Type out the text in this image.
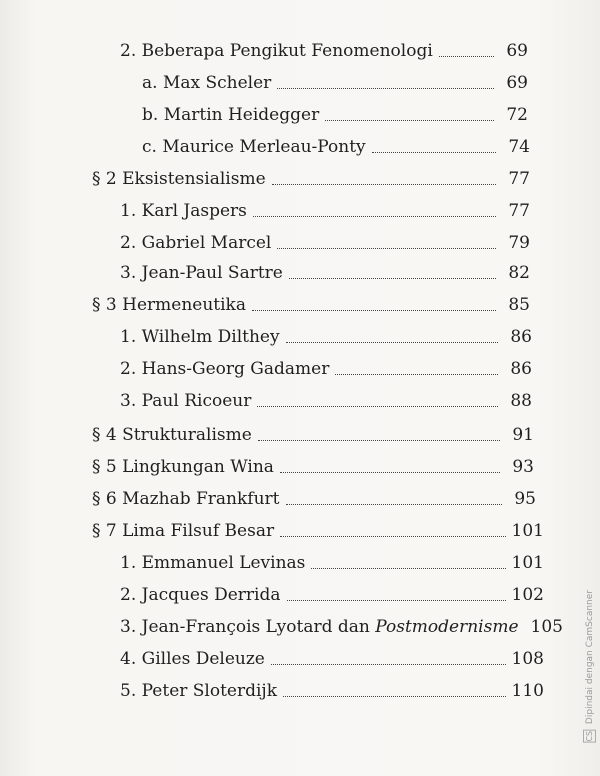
2. Beberapa Pengikut Fenomenologi	69
a. Max Scheler	69
b. Martin Heidegger	72
c. Maurice Merleau-Ponty	74
§ 2 Eksistensialisme	77
1. Karl Jaspers	77
2. Gabriel Marcel	79
3. Jean-Paul Sartre	82
§ 3 Hermeneutika	85
1. Wilhelm Dilthey	86
2. Hans-Georg Gadamer	86
3. Paul Ricoeur	88
§ 4 Strukturalisme	91
§ 5 Lingkungan Wina	93
§ 6 Mazhab Frankfurt	95
§ 7 Lima Filsuf Besar	101
1. Emmanuel Levinas	101
2. Jacques Derrida	102
3. Jean-François Lyotard dan Postmodernisme 105
4. Gilles Deleuze	108
5. Peter Sloterdijk	110
CS Dipindai dengan CamScanner
